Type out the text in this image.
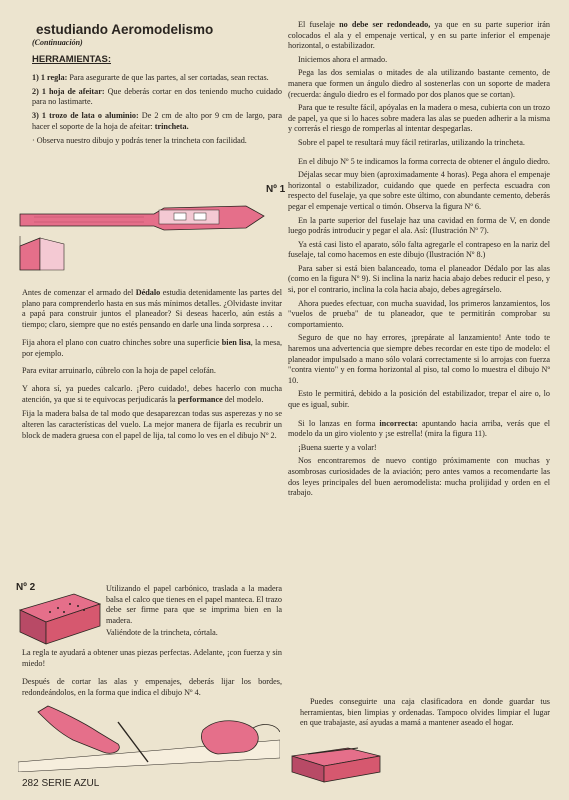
estudiando Aeromodelismo
(Continuación)
HERRAMIENTAS:

1) 1 regla: Para asegurarte de que las partes, al ser cortadas, sean rectas.

2) 1 hoja de afeitar: Que deberás cortar en dos teniendo mucho cuidado para no lastimarte.

3) 1 trozo de lata o aluminio: De 2 cm de alto por 9 cm de largo, para hacer el soporte de la hoja de afeitar: trincheta.

· Observa nuestro dibujo y podrás tener la trincheta con facilidad.

Nº 1

Antes de comenzar el armado del Dédalo estudia detenidamente las partes del plano para comprenderlo hasta en sus más mínimos detalles. ¿Olvidaste invitar a papá para construir juntos el planeador? Si deseas hacerlo, aún estás a tiempo; claro, siempre que no estés pensando en darle una linda sorpresa . . .

Fija ahora el plano con cuatro chinches sobre una superficie bien lisa, la mesa, por ejemplo.

Para evitar arruinarlo, cúbrelo con la hoja de papel celofán.

Y ahora sí, ya puedes calcarlo. ¡Pero cuidado!, debes hacerlo con mucha atención, ya que si te equivocas perjudicarás la performance del modelo.

Fija la madera balsa de tal modo que desaparezcan todas sus asperezas y no se alteren las características del vuelo. La mejor manera de fijarla es recubrir un block de madera gruesa con el papel de lija, tal como lo ves en el dibujo Nº 2.

Nº 2	Utilizando el papel carbónico, traslada a la madera balsa el calco que tienes en el papel manteca. El trazo debe ser firme para que se imprima bien en la madera.

Valiéndote de la trincheta, córtala.

La regla te ayudará a obtener unas piezas perfectas. Adelante, ¡con fuerza y sin miedo!

Después de cortar las alas y empenajes, deberás lijar los bordes, redondeándolos, en la forma que indica el dibujo Nº 4.

El fuselaje no debe ser redondeado, ya que en su parte superior irán colocados el ala y el empenaje vertical, y en su parte inferior el empenaje horizontal, o estabilizador.

Iniciemos ahora el armado.

Pega las dos semialas o mitades de ala utilizando bastante cemento, de manera que formen un ángulo diedro al sostenerlas con un soporte de madera (recuerda: ángulo diedro es el formado por dos planos que se cortan).

Para que te resulte fácil, apóyalas en la madera o mesa, cubierta con un trozo de papel, ya que si lo haces sobre madera las alas se pueden adherir a la misma y correrás el riesgo de romperlas al intentar despegarlas.

Sobre el papel te resultará muy fácil retirarlas, utilizando la trincheta.

En el dibujo Nº 5 te indicamos la forma correcta de obtener el ángulo diedro.

Déjalas secar muy bien (aproximadamente 4 horas). Pega ahora el empenaje horizontal o estabilizador, cuidando que quede en perfecta escuadra con respecto del fuselaje, ya que sobre este último, con abundante cemento, deberás pegar el empenaje vertical o timón. Observa la figura Nº 6.

En la parte superior del fuselaje haz una cavidad en forma de V, en donde luego podrás introducir y pegar el ala. Así: (Ilustración Nº 7).

Ya está casi listo el aparato, sólo falta agregarle el contrapeso en la nariz del fuselaje, tal como hacemos en este dibujo (Ilustración Nº 8.)

Para saber si está bien balanceado, toma el planeador Dédalo por las alas (como en la figura Nº 9). Si inclina la nariz hacia abajo debes reducir el peso, y si, por el contrario, inclina la cola hacia abajo, debes agregárselo.

Ahora puedes efectuar, con mucha suavidad, los primeros lanzamientos, los "vuelos de prueba" de tu planeador, que te permitirán comprobar su comportamiento.

Seguro de que no hay errores, ¡prepárate al lanzamiento! Ante todo te haremos una advertencia que siempre debes recordar en este tipo de modelo: el planeador impulsado a mano sólo volará correctamente si lo arrojas con fuerza "contra viento" y en forma horizontal al piso, tal como lo muestra el dibujo Nº 10.

Esto le permitirá, debido a la posición del estabilizador, trepar el aire o, lo que es igual, subir.

Si lo lanzas en forma incorrecta: apuntando hacia arriba, verás que el modelo da un giro violento y ¡se estrella! (mira la figura 11).

¡Buena suerte y a volar!

Nos encontraremos de nuevo contigo próximamente con muchas y asombrosas curiosidades de la aviación; pero antes vamos a recomendarte las dos leyes principales del buen aeromodelista: mucha prolijidad y orden en el trabajo.

Puedes conseguirte una caja clasificadora en donde guardar tus herramientas, bien limpias y ordenadas. Tampoco olvides limpiar el lugar en que trabajaste, así ayudas a mamá a mantener aseado el hogar.

282 SERIE AZUL
